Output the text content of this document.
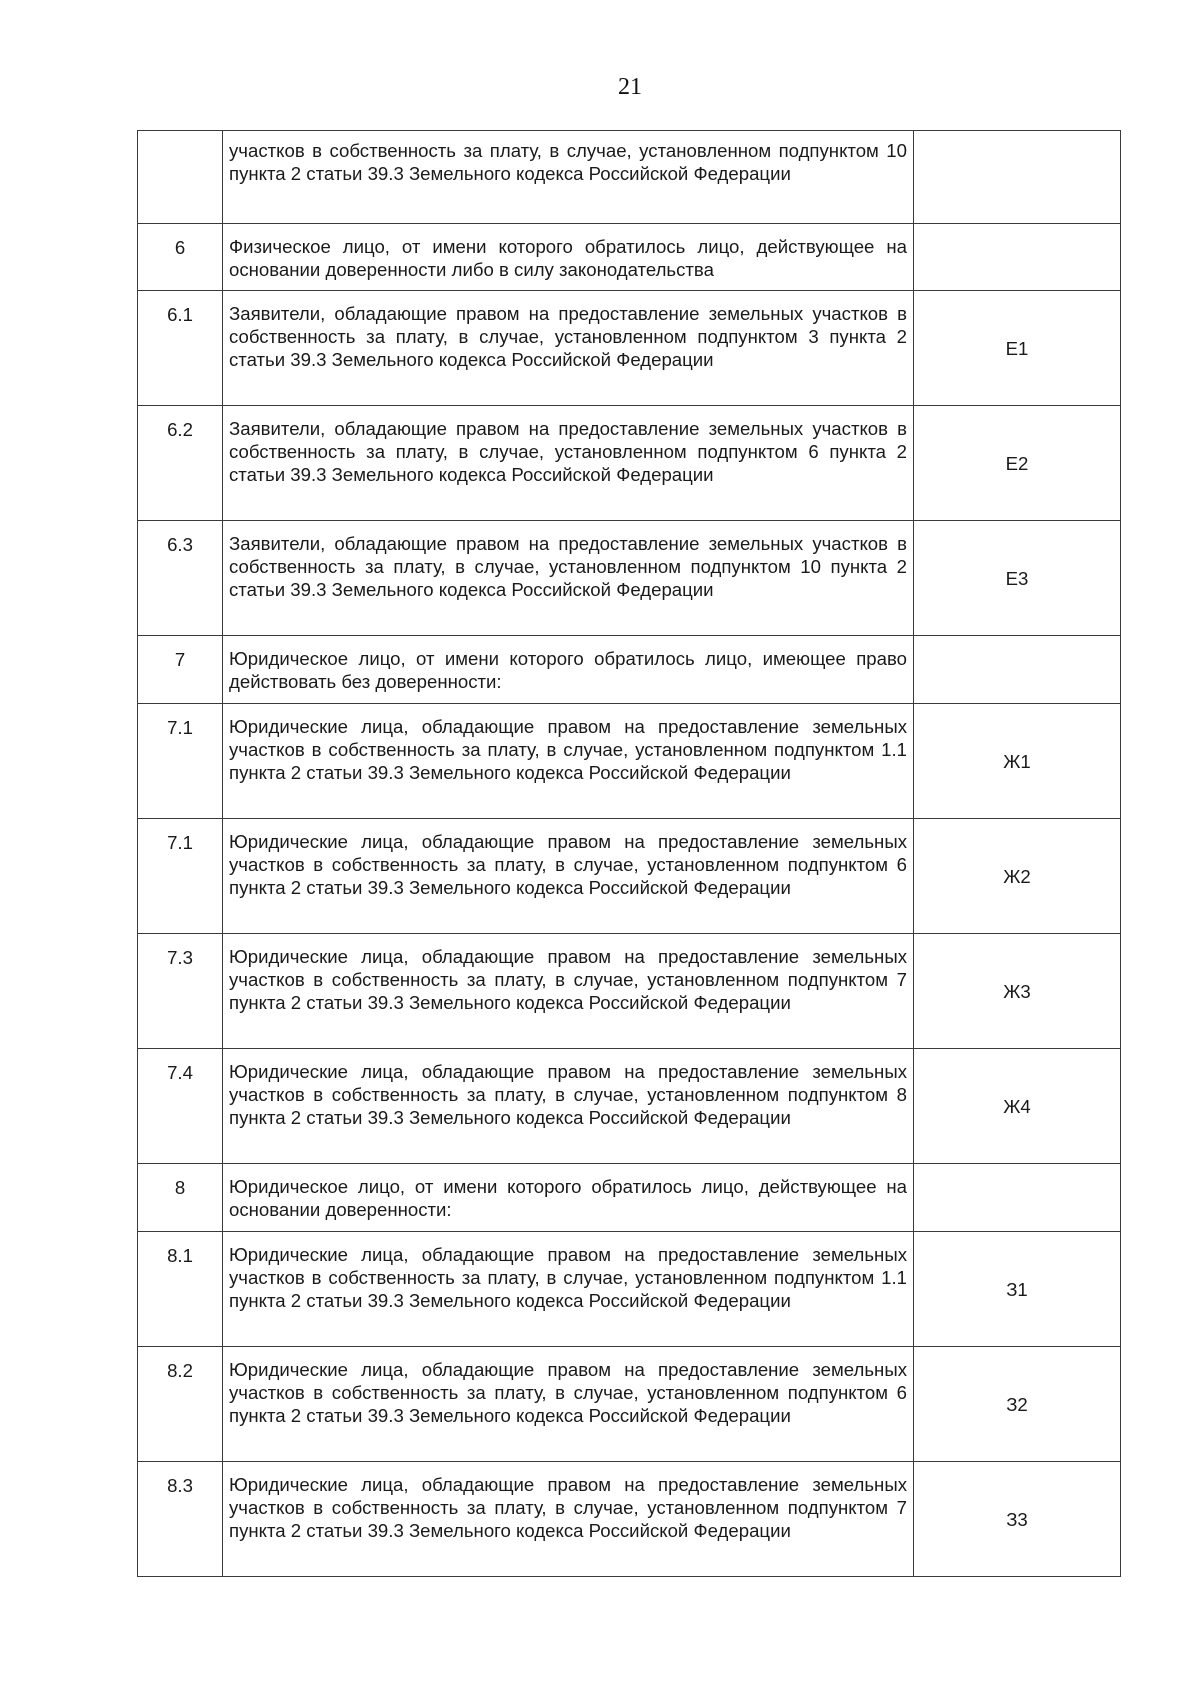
21
	участков в собственность за плату, в случае, установленном подпунктом 10 пункта 2 статьи 39.3 Земельного кодекса Российской Федерации	
6	Физическое лицо, от имени которого обратилось лицо, действующее на основании доверенности либо в силу законодательства	
6.1	Заявители, обладающие правом на предоставление земельных участков в собственность за плату, в случае, установленном подпунктом 3 пункта 2 статьи 39.3 Земельного кодекса Российской Федерации	Е1
6.2	Заявители, обладающие правом на предоставление земельных участков в собственность за плату, в случае, установленном подпунктом 6 пункта 2 статьи 39.3 Земельного кодекса Российской Федерации	Е2
6.3	Заявители, обладающие правом на предоставление земельных участков в собственность за плату, в случае, установленном подпунктом 10 пункта 2 статьи 39.3 Земельного кодекса Российской Федерации	Е3
7	Юридическое лицо, от имени которого обратилось лицо, имеющее право действовать без доверенности:	
7.1	Юридические лица, обладающие правом на предоставление земельных участков в собственность за плату, в случае, установленном подпунктом 1.1 пункта 2 статьи 39.3 Земельного кодекса Российской Федерации	Ж1
7.1	Юридические лица, обладающие правом на предоставление земельных участков в собственность за плату, в случае, установленном подпунктом 6 пункта 2 статьи 39.3 Земельного кодекса Российской Федерации	Ж2
7.3	Юридические лица, обладающие правом на предоставление земельных участков в собственность за плату, в случае, установленном подпунктом 7 пункта 2 статьи 39.3 Земельного кодекса Российской Федерации	Ж3
7.4	Юридические лица, обладающие правом на предоставление земельных участков в собственность за плату, в случае, установленном подпунктом 8 пункта 2 статьи 39.3 Земельного кодекса Российской Федерации	Ж4
8	Юридическое лицо, от имени которого обратилось лицо, действующее на основании доверенности:	
8.1	Юридические лица, обладающие правом на предоставление земельных участков в собственность за плату, в случае, установленном подпунктом 1.1 пункта 2 статьи 39.3 Земельного кодекса Российской Федерации	З1
8.2	Юридические лица, обладающие правом на предоставление земельных участков в собственность за плату, в случае, установленном подпунктом 6 пункта 2 статьи 39.3 Земельного кодекса Российской Федерации	З2
8.3	Юридические лица, обладающие правом на предоставление земельных участков в собственность за плату, в случае, установленном подпунктом 7 пункта 2 статьи 39.3 Земельного кодекса Российской Федерации	З3
